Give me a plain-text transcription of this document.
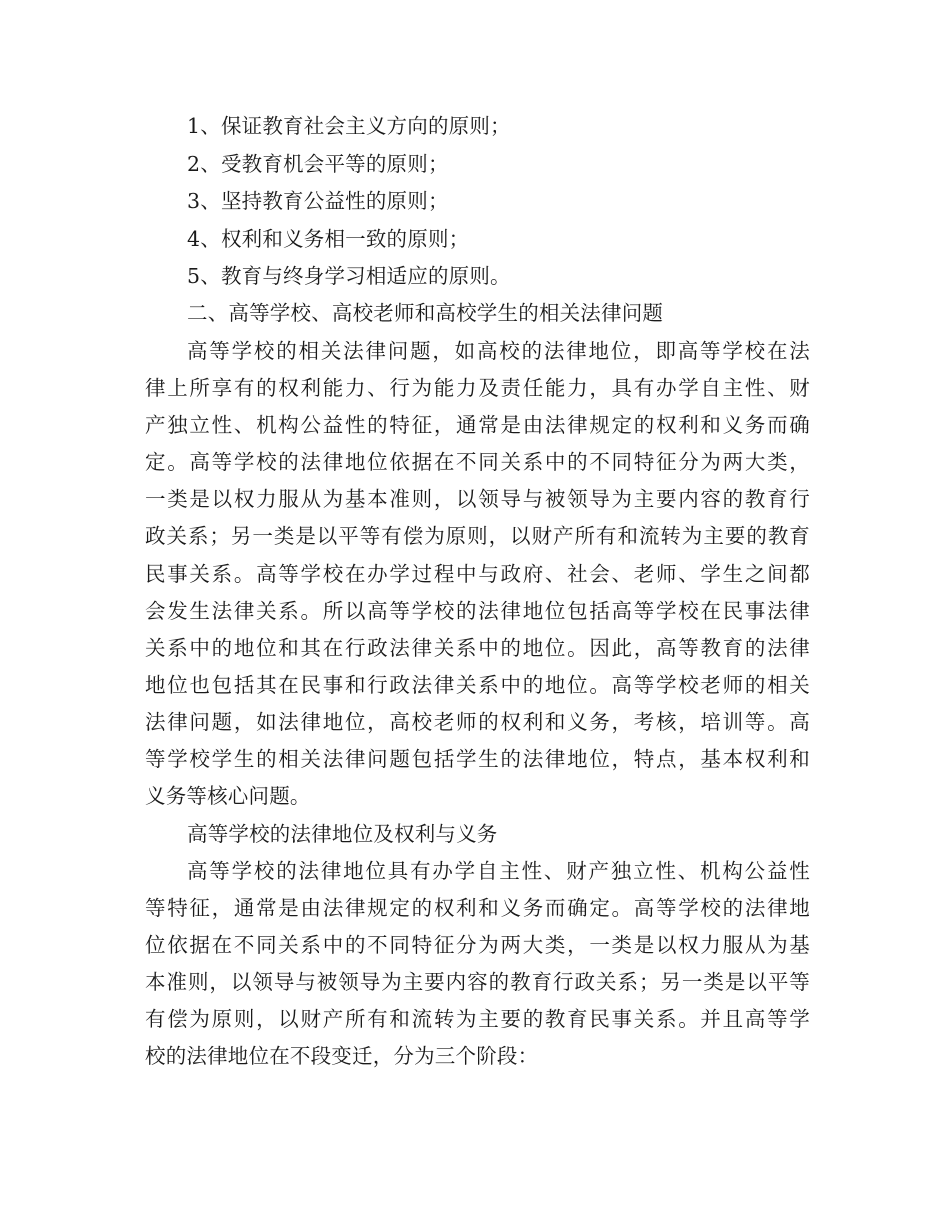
1、保证教育社会主义方向的原则；
2、受教育机会平等的原则；
3、坚持教育公益性的原则；
4、权利和义务相一致的原则；
5、教育与终身学习相适应的原则。
二、高等学校、高校老师和高校学生的相关法律问题
高等学校的相关法律问题，如高校的法律地位，即高等学校在法
律上所享有的权利能力、行为能力及责任能力，具有办学自主性、财
产独立性、机构公益性的特征，通常是由法律规定的权利和义务而确
定。高等学校的法律地位依据在不同关系中的不同特征分为两大类，
一类是以权力服从为基本准则，以领导与被领导为主要内容的教育行
政关系；另一类是以平等有偿为原则，以财产所有和流转为主要的教育
民事关系。高等学校在办学过程中与政府、社会、老师、学生之间都
会发生法律关系。所以高等学校的法律地位包括高等学校在民事法律
关系中的地位和其在行政法律关系中的地位。因此，高等教育的法律
地位也包括其在民事和行政法律关系中的地位。高等学校老师的相关
法律问题，如法律地位，高校老师的权利和义务，考核，培训等。高
等学校学生的相关法律问题包括学生的法律地位，特点，基本权利和
义务等核心问题。
高等学校的法律地位及权利与义务
高等学校的法律地位具有办学自主性、财产独立性、机构公益性
等特征，通常是由法律规定的权利和义务而确定。高等学校的法律地
位依据在不同关系中的不同特征分为两大类，一类是以权力服从为基
本准则，以领导与被领导为主要内容的教育行政关系；另一类是以平等
有偿为原则，以财产所有和流转为主要的教育民事关系。并且高等学
校的法律地位在不段变迁，分为三个阶段：
